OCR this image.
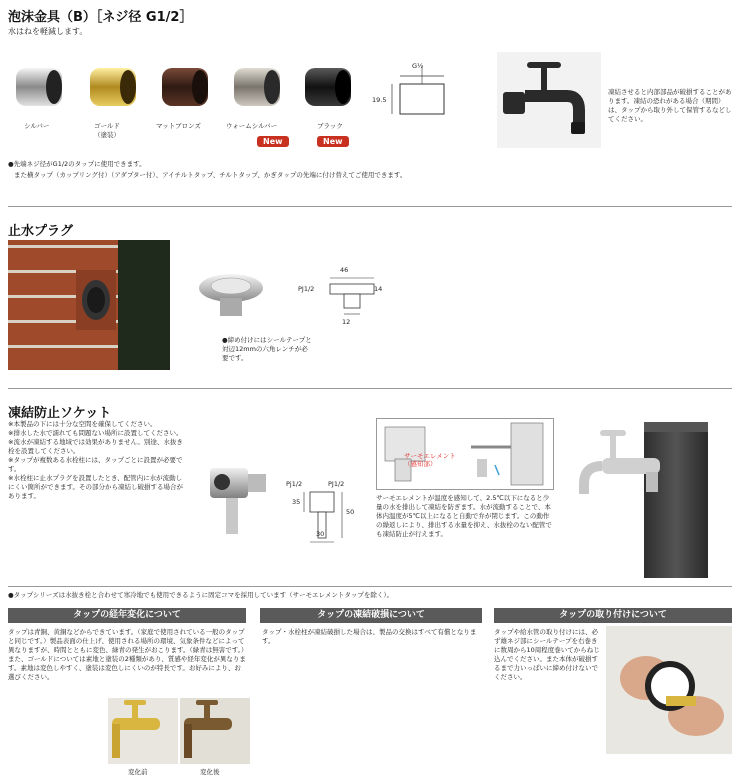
泡沫金具（B）［ネジ径 G1/2］
水はねを軽減します。
シルバー	ゴールド
（塗装）
マットブロンズ	ウォームシルバー	ブラック
New	New
G½
19.5
凍結させると内部部品が破損することがあります。凍結の恐れがある場合（期間）は、タップから取り外して保管するなどしてください。
●先端ネジ径がG1/2のタップに使用できます。
また横タップ（カップリング付）（アダプター付）、アイチルトタップ、チルトタップ、かぎタップの先端に付け替えてご使用できます。
止水プラグ
●締め付けにはシールテープと対辺12mmの六角レンチが必要です。
46
PJ1/2	14
12
凍結防止ソケット
※本製品の下には十分な空間を確保してください。
※排水した水で濡れても問題ない場所に設置してください。
※流水が凍結する地域では効果がありません。別途、水抜き栓を設置してください。
※タップが複数ある水栓柱には、タップごとに設置が必要です。
※水栓柱に止水プラグを設置したとき、配管内に水が流動しにくい箇所ができます。その部分から凍結し破損する場合があります。
Pj1/2	PJ1/2
35
50
30
サーモエレメント
（感知部）
サーモエレメントが温度を感知して、2.5℃以下になると少量の水を排出して凍結を防ぎます。水が流動することで、本体内温度が5℃以上になると自動で弁が閉じます。この動作の繰返しにより、排出する水量を抑え、水抜栓のない配管でも凍結防止が行えます。
●タップシリーズは水抜き栓と合わせて寒冷地でも使用できるように固定コマを採用しています（サーモエレメントタップを除く）。
タップの経年変化について
タップは青銅、黄銅などからできています。（家庭で使用されている一般のタップと同じです。）製品表面の仕上げ、使用される場所の環境、気象条件などによって異なりますが、時間とともに変色、緑青の発生がおこります。（緑青は無害です。）また、ゴールドについては素地と塗装の2種類があり、質感や経年変化が異なります。素地は変色しやすく、塗装は変色しにくいのが特長です。お好みにより、お選びください。
変化前	変化後
タップの凍結破損について
タップ・水栓柱が凍結破損した場合は、製品の交換はすべて有償となります。
タップの取り付けについて
タップや給水管の取り付けには、必ず雄ネジ部にシールテープを右巻きに数周から10周程度巻いてからねじ込んでください。また本体が破損するまで力いっぱいに締め付けないでください。
